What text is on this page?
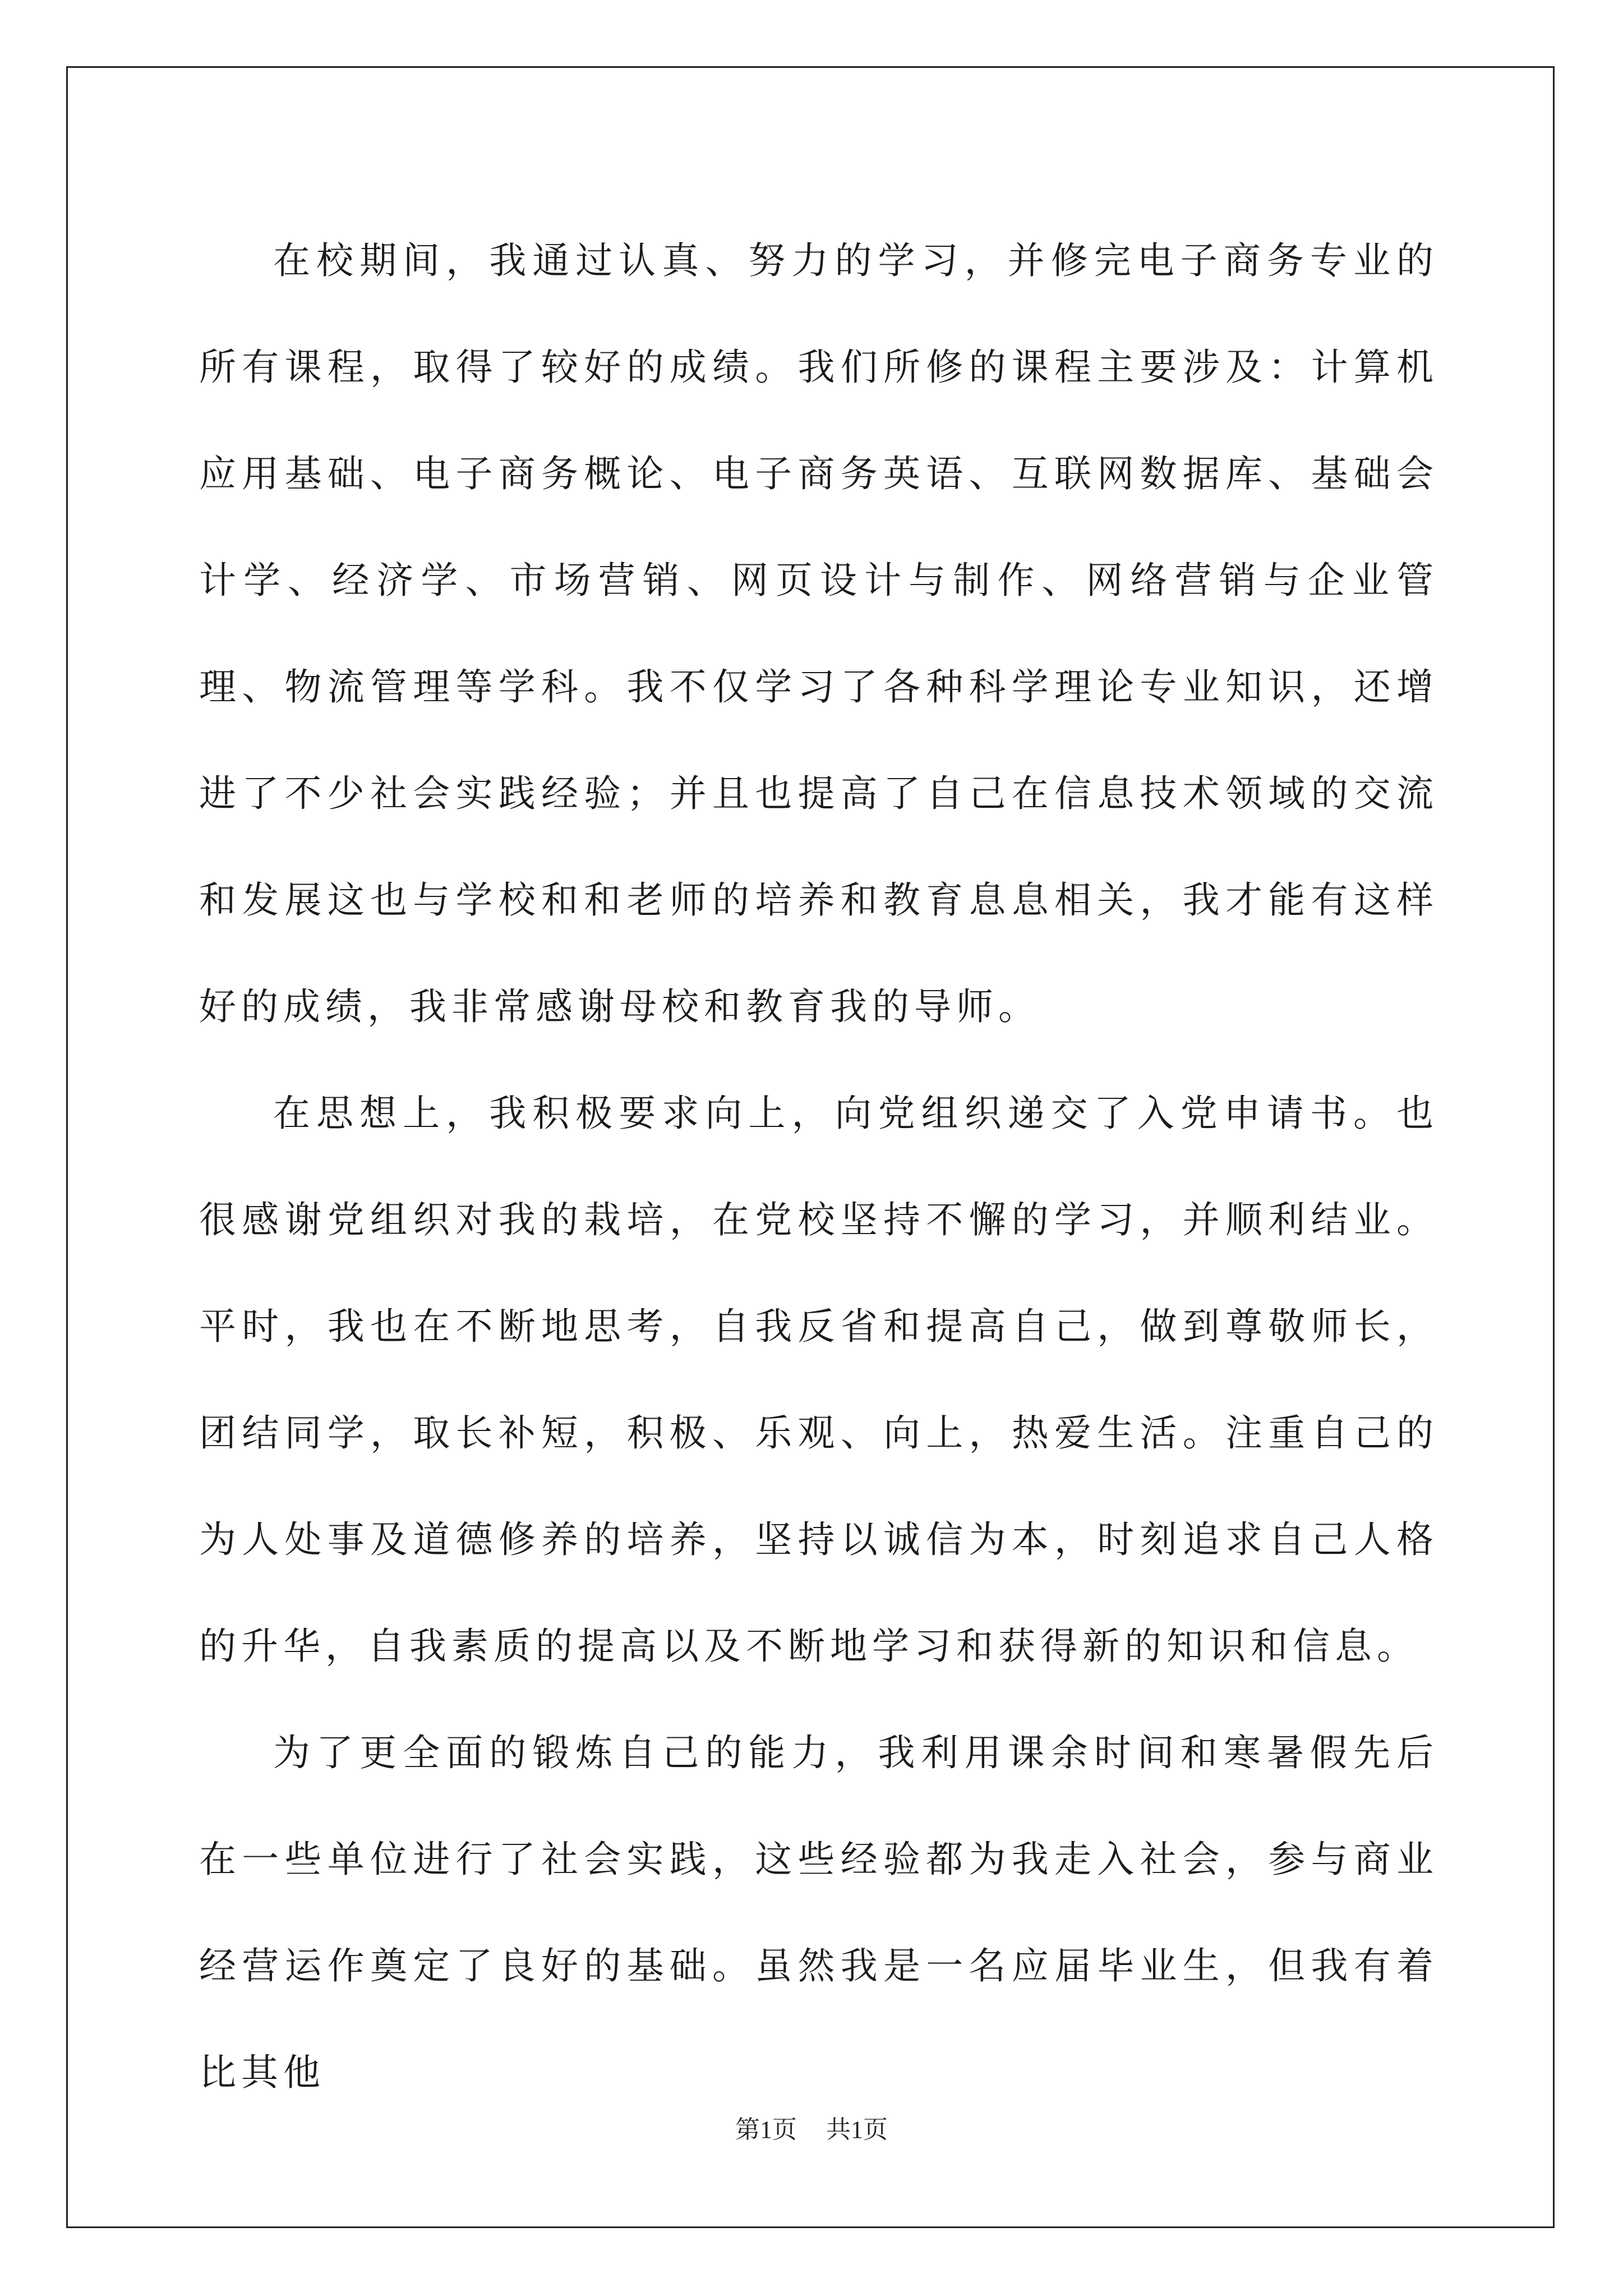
在校期间，我通过认真、努力的学习，并修完电子商务专业的所有课程，取得了较好的成绩。我们所修的课程主要涉及：计算机应用基础、电子商务概论、电子商务英语、互联网数据库、基础会计学、经济学、市场营销、网页设计与制作、网络营销与企业管理、物流管理等学科。我不仅学习了各种科学理论专业知识，还增进了不少社会实践经验；并且也提高了自己在信息技术领域的交流和发展这也与学校和和老师的培养和教育息息相关，我才能有这样好的成绩，我非常感谢母校和教育我的导师。

在思想上，我积极要求向上，向党组织递交了入党申请书。也很感谢党组织对我的栽培，在党校坚持不懈的学习，并顺利结业。平时，我也在不断地思考，自我反省和提高自己，做到尊敬师长，团结同学，取长补短，积极、乐观、向上，热爱生活。注重自己的为人处事及道德修养的培养，坚持以诚信为本，时刻追求自己人格的升华，自我素质的提高以及不断地学习和获得新的知识和信息。

为了更全面的锻炼自己的能力，我利用课余时间和寒暑假先后在一些单位进行了社会实践，这些经验都为我走入社会，参与商业经营运作奠定了良好的基础。虽然我是一名应届毕业生，但我有着比其他

第1页 共1页
